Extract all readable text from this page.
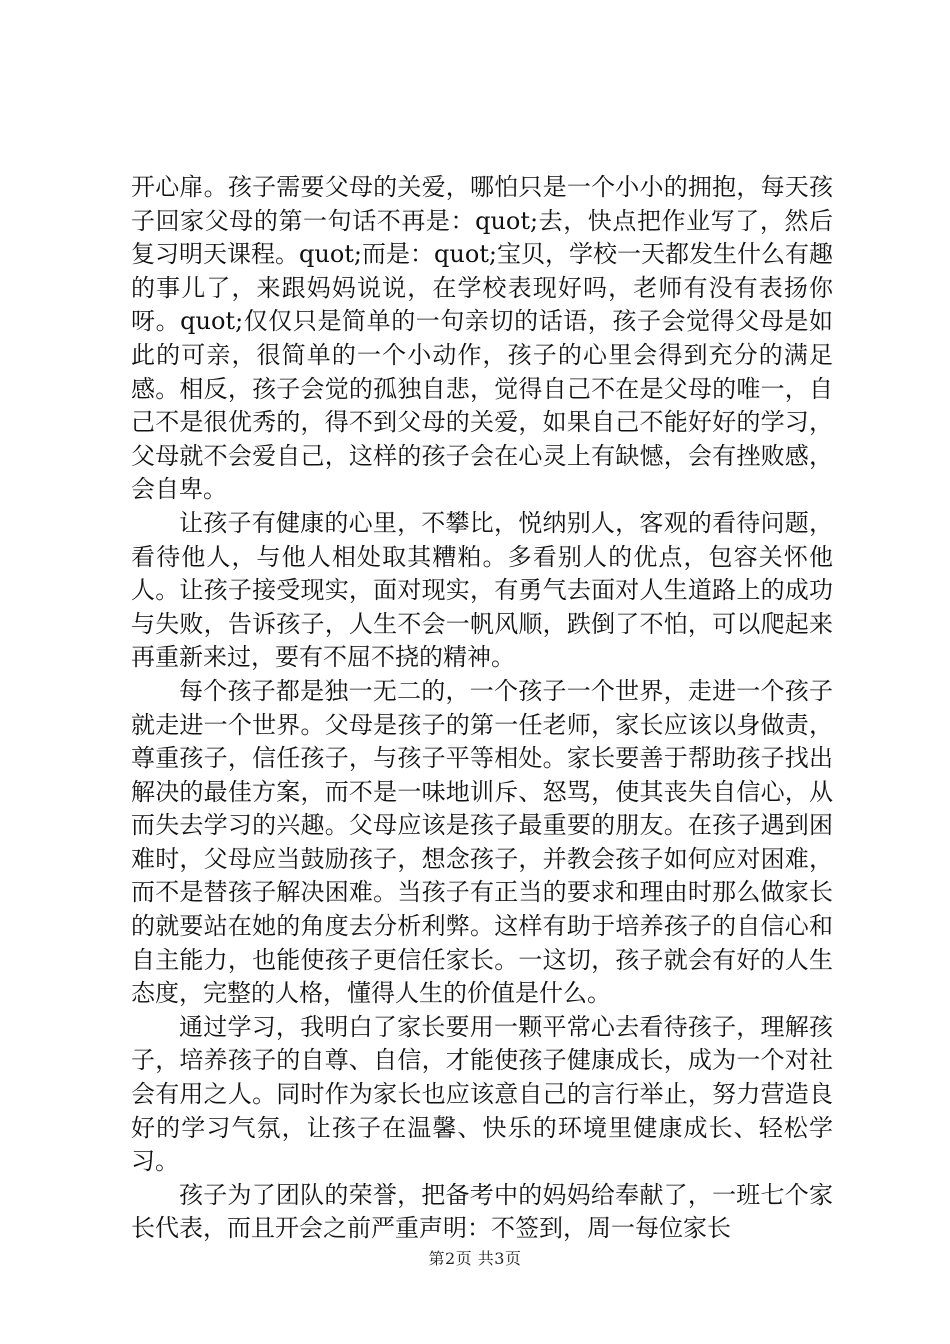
开心扉。孩子需要父母的关爱，哪怕只是一个小小的拥抱，每天孩子回家父母的第一句话不再是：quot;去，快点把作业写了，然后复习明天课程。quot;而是：quot;宝贝，学校一天都发生什么有趣的事儿了，来跟妈妈说说，在学校表现好吗，老师有没有表扬你呀。quot;仅仅只是简单的一句亲切的话语，孩子会觉得父母是如此的可亲，很简单的一个小动作，孩子的心里会得到充分的满足感。相反，孩子会觉的孤独自悲，觉得自己不在是父母的唯一，自己不是很优秀的，得不到父母的关爱，如果自己不能好好的学习，父母就不会爱自己，这样的孩子会在心灵上有缺憾，会有挫败感，会自卑。

让孩子有健康的心里，不攀比，悦纳别人，客观的看待问题，看待他人，与他人相处取其糟粕。多看别人的优点，包容关怀他人。让孩子接受现实，面对现实，有勇气去面对人生道路上的成功与失败，告诉孩子，人生不会一帆风顺，跌倒了不怕，可以爬起来再重新来过，要有不屈不挠的精神。

每个孩子都是独一无二的，一个孩子一个世界，走进一个孩子就走进一个世界。父母是孩子的第一任老师，家长应该以身做责，尊重孩子，信任孩子，与孩子平等相处。家长要善于帮助孩子找出解决的最佳方案，而不是一味地训斥、怒骂，使其丧失自信心，从而失去学习的兴趣。父母应该是孩子最重要的朋友。在孩子遇到困难时，父母应当鼓励孩子，想念孩子，并教会孩子如何应对困难，而不是替孩子解决困难。当孩子有正当的要求和理由时那么做家长的就要站在她的角度去分析利弊。这样有助于培养孩子的自信心和自主能力，也能使孩子更信任家长。一这切，孩子就会有好的人生态度，完整的人格，懂得人生的价值是什么。

通过学习，我明白了家长要用一颗平常心去看待孩子，理解孩子，培养孩子的自尊、自信，才能使孩子健康成长，成为一个对社会有用之人。同时作为家长也应该意自己的言行举止，努力营造良好的学习气氛，让孩子在温馨、快乐的环境里健康成长、轻松学习。

孩子为了团队的荣誉，把备考中的妈妈给奉献了，一班七个家长代表，而且开会之前严重声明：不签到，周一每位家长

第2页 共3页
